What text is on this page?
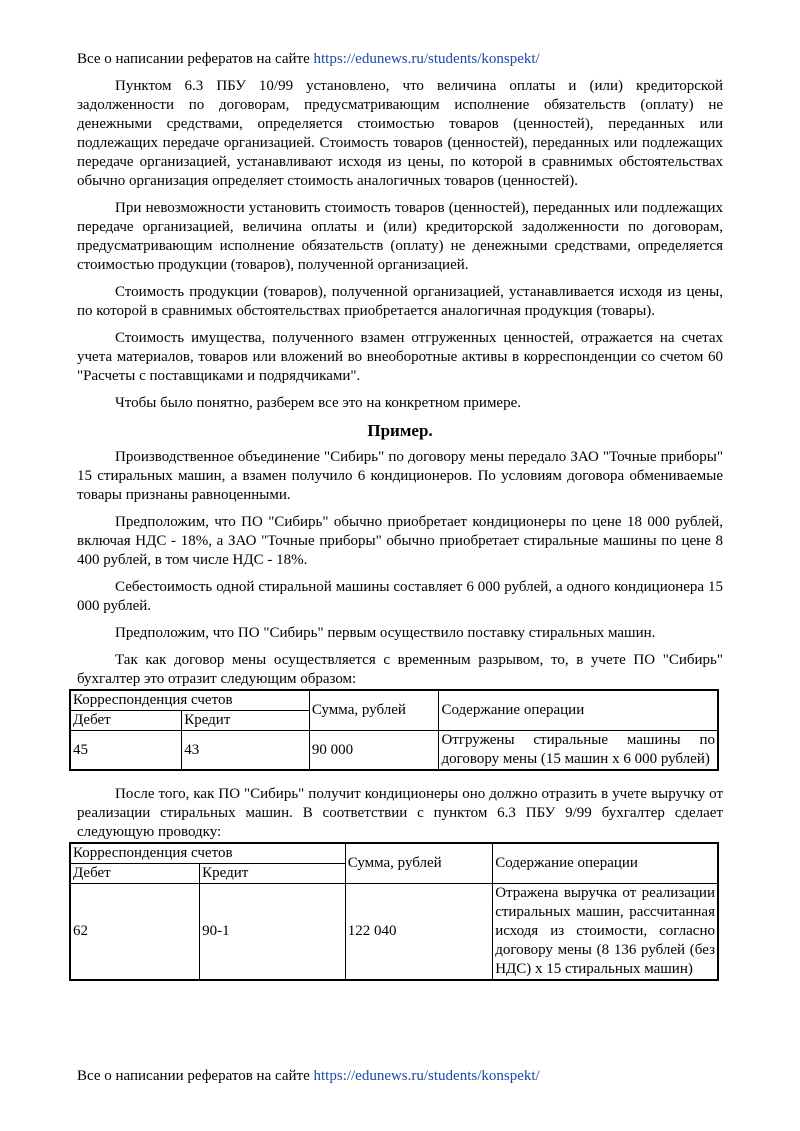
Все о написании рефератов на сайте https://edunews.ru/students/konspekt/

Пунктом 6.3 ПБУ 10/99 установлено, что величина оплаты и (или) кредиторской задолженности по договорам, предусматривающим исполнение обязательств (оплату) не денежными средствами, определяется стоимостью товаров (ценностей), переданных или подлежащих передаче организацией. Стоимость товаров (ценностей), переданных или подлежащих передаче организацией, устанавливают исходя из цены, по которой в сравнимых обстоятельствах обычно организация определяет стоимость аналогичных товаров (ценностей).

При невозможности установить стоимость товаров (ценностей), переданных или подлежащих передаче организацией, величина оплаты и (или) кредиторской задолженности по договорам, предусматривающим исполнение обязательств (оплату) не денежными средствами, определяется стоимостью продукции (товаров), полученной организацией.

Стоимость продукции (товаров), полученной организацией, устанавливается исходя из цены, по которой в сравнимых обстоятельствах приобретается аналогичная продукция (товары).

Стоимость имущества, полученного взамен отгруженных ценностей, отражается на счетах учета материалов, товаров или вложений во внеоборотные активы в корреспонденции со счетом 60 "Расчеты с поставщиками и подрядчиками".

Чтобы было понятно, разберем все это на конкретном примере.

Пример.

Производственное объединение "Сибирь" по договору мены передало ЗАО "Точные приборы" 15 стиральных машин, а взамен получило 6 кондиционеров. По условиям договора обмениваемые товары признаны равноценными.

Предположим, что ПО "Сибирь" обычно приобретает кондиционеры по цене 18 000 рублей, включая НДС - 18%, а ЗАО "Точные приборы" обычно приобретает стиральные машины по цене 8 400 рублей, в том числе НДС - 18%.

Себестоимость одной стиральной машины составляет 6 000 рублей, а одного кондиционера 15 000 рублей.

Предположим, что ПО "Сибирь" первым осуществило поставку стиральных машин.

Так как договор мены осуществляется с временным разрывом, то, в учете ПО "Сибирь" бухгалтер это отразит следующим образом:

Корреспонденция счетов		Сумма, рублей	Содержание операции
Дебет	Кредит		
45	43	90 000	Отгружены стиральные машины по договору мены (15 машин х 6 000 рублей)

После того, как ПО "Сибирь" получит кондиционеры оно должно отразить в учете выручку от реализации стиральных машин. В соответствии с пунктом 6.3 ПБУ 9/99 бухгалтер сделает следующую проводку:

Корреспонденция счетов		Сумма, рублей	Содержание операции
Дебет	Кредит		
62	90-1	122 040	Отражена выручка от реализации стиральных машин, рассчитанная исходя из стоимости, согласно договору мены (8 136 рублей (без НДС) х 15 стиральных машин)
Все о написании рефератов на сайте https://edunews.ru/students/konspekt/
